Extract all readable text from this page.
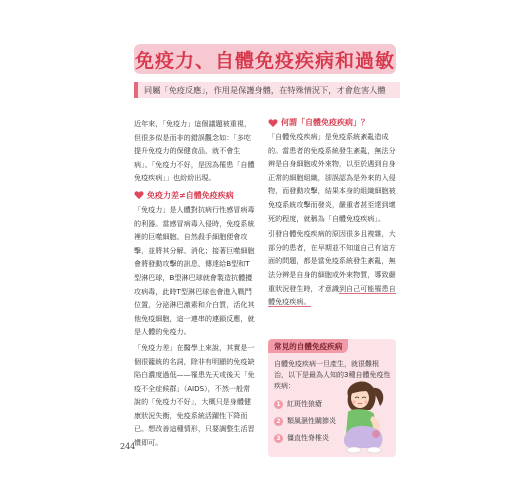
免疫力、自體免疫疾病和過敏
同屬「免疫反應」，作用是保護身體，在特殊情況下，才會危害人體

近年來，「免疫力」這個議題被重視，但很多似是而非的錯誤觀念如：「多吃提升免疫力的保健食品，就不會生病」、「免疫力不好，是因為罹患「自體免疫疾病」」也紛紛出現。

免疫力差≠自體免疫疾病

「免疫力」是人體對抗病行性感冒病毒的利器。當感冒病毒入侵時，免疫系統裡的巨噬細胞、自然殺手細胞便會攻擊，並將其分解、消化；接著巨噬細胞會將發動攻擊的訊息，傳達給B型和T型淋巴球，B型淋巴球就會製造抗體擾攻病毒，此時T型淋巴球也會進入戰鬥位置，分泌淋巴激素和介白質，活化其他免疫細胞，這一連串的連鎖反應，就是人體的免疫力。

「免疫力差」在醫學上來說，其實是一個很籠統的名詞，除非有明顯的免疫缺陷白濃度過低——罹患先天或後天「免疫不全症候群」（AIDS），不然一般常說的「免疫力不好」，大概只是身體健康狀況失衡，免疫系統活躍性下降而已。想改善這種情形，只要調整生活習慣即可。

何謂「自體免疫疾病」？

「自體免疫疾病」是免疫系統紊亂造成的。當患者的免疫系統發生紊亂，無法分辨是自身細胞或外來物，以至於遇到自身正常的細胞組織，卻誤認為是外來的入侵物，而發動攻擊，結果本身的組織細胞被免疫系統攻擊而發炎，嚴重者甚至達到壞死的程度，就稱為「自體免疫疾病」。

引發自體免疫疾病的原因很多且複雜，大部分的患者，在早期並不知道自己有這方面的問題，都是當免疫系統發生紊亂，無法分辨是自身的細胞或外來物質，導致嚴重狀況發生時，才意識到自己可能罹患自體免疫疾病。

常見的自體免疫疾病

自體免疫疾病一旦產生，就很難根治，以下是最為人知的3種自體免疫性疾病：

1 紅斑性狼瘡
2 類風濕性關節炎
3 僵直性脊椎炎
244
